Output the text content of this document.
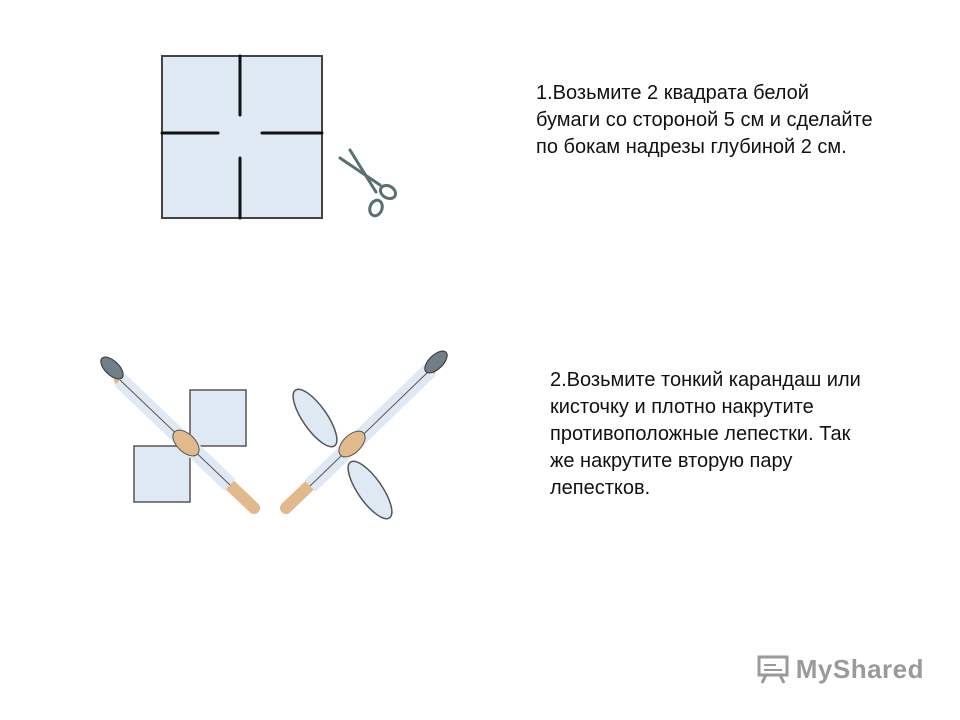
1.Возьмите 2 квадрата белой бумаги со стороной 5 см и сделайте по бокам надрезы глубиной 2 см.

2.Возьмите тонкий карандаш или кисточку и плотно накрутите противоположные лепестки. Так же накрутите вторую пару лепестков.

MyShared
